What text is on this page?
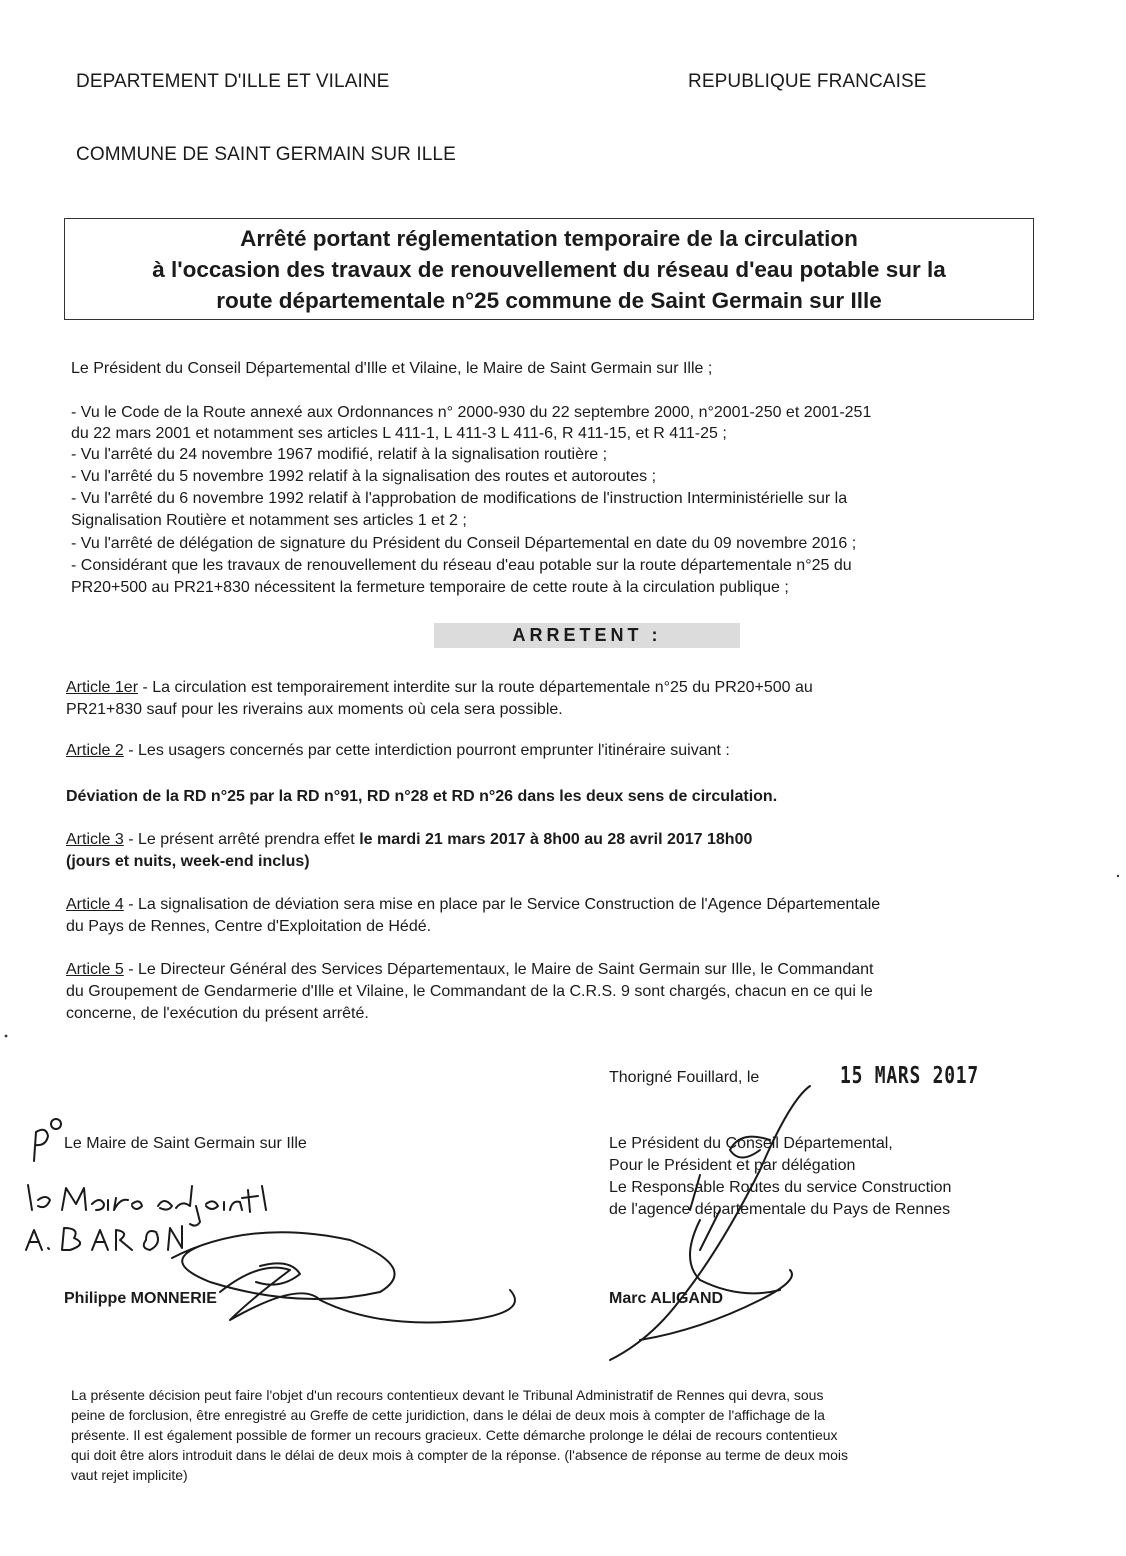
DEPARTEMENT D'ILLE ET VILAINE	REPUBLIQUE FRANCAISE
COMMUNE DE SAINT GERMAIN SUR ILLE
Arrêté portant réglementation temporaire de la circulation
à l'occasion des travaux de renouvellement du réseau d'eau potable sur la
route départementale n°25 commune de Saint Germain sur Ille
Le Président du Conseil Départemental d'Ille et Vilaine, le Maire de Saint Germain sur Ille ;
- Vu le Code de la Route annexé aux Ordonnances n° 2000-930 du 22 septembre 2000, n°2001-250 et 2001-251
du 22 mars 2001 et notamment ses articles L 411-1, L 411-3 L 411-6, R 411-15, et R 411-25 ;
- Vu l'arrêté du 24 novembre 1967 modifié, relatif à la signalisation routière ;
- Vu l'arrêté du 5 novembre 1992 relatif à la signalisation des routes et autoroutes ;
- Vu l'arrêté du 6 novembre 1992 relatif à l'approbation de modifications de l'instruction Interministérielle sur la
Signalisation Routière et notamment ses articles 1 et 2 ;
- Vu l'arrêté de délégation de signature du Président du Conseil Départemental en date du 09 novembre 2016 ;
- Considérant que les travaux de renouvellement du réseau d'eau potable sur la route départementale n°25 du
PR20+500 au PR21+830 nécessitent la fermeture temporaire de cette route à la circulation publique ;
ARRETENT :
Article 1er - La circulation est temporairement interdite sur la route départementale n°25 du PR20+500 au
PR21+830 sauf pour les riverains aux moments où cela sera possible.
Article 2 - Les usagers concernés par cette interdiction pourront emprunter l'itinéraire suivant :
Déviation de la RD n°25 par la RD n°91, RD n°28 et RD n°26 dans les deux sens de circulation.
Article 3 - Le présent arrêté prendra effet le mardi 21 mars 2017 à 8h00 au 28 avril 2017 18h00
(jours et nuits, week-end inclus)
Article 4 - La signalisation de déviation sera mise en place par le Service Construction de l'Agence Départementale
du Pays de Rennes, Centre d'Exploitation de Hédé.
Article 5 - Le Directeur Général des Services Départementaux, le Maire de Saint Germain sur Ille, le Commandant
du Groupement de Gendarmerie d'Ille et Vilaine, le Commandant de la C.R.S. 9 sont chargés, chacun en ce qui le
concerne, de l'exécution du présent arrêté.
Thorigné Fouillard, le	15 MARS 2017
Le Maire de Saint Germain sur Ille
Philippe MONNERIE
Le Président du Conseil Départemental,
Pour le Président et par délégation
Le Responsable Routes du service Construction
de l'agence départementale du Pays de Rennes
Marc ALIGAND
La présente décision peut faire l'objet d'un recours contentieux devant le Tribunal Administratif de Rennes qui devra, sous
peine de forclusion, être enregistré au Greffe de cette juridiction, dans le délai de deux mois à compter de l'affichage de la
présente. Il est également possible de former un recours gracieux. Cette démarche prolonge le délai de recours contentieux
qui doit être alors introduit dans le délai de deux mois à compter de la réponse. (l'absence de réponse au terme de deux mois
vaut rejet implicite)
